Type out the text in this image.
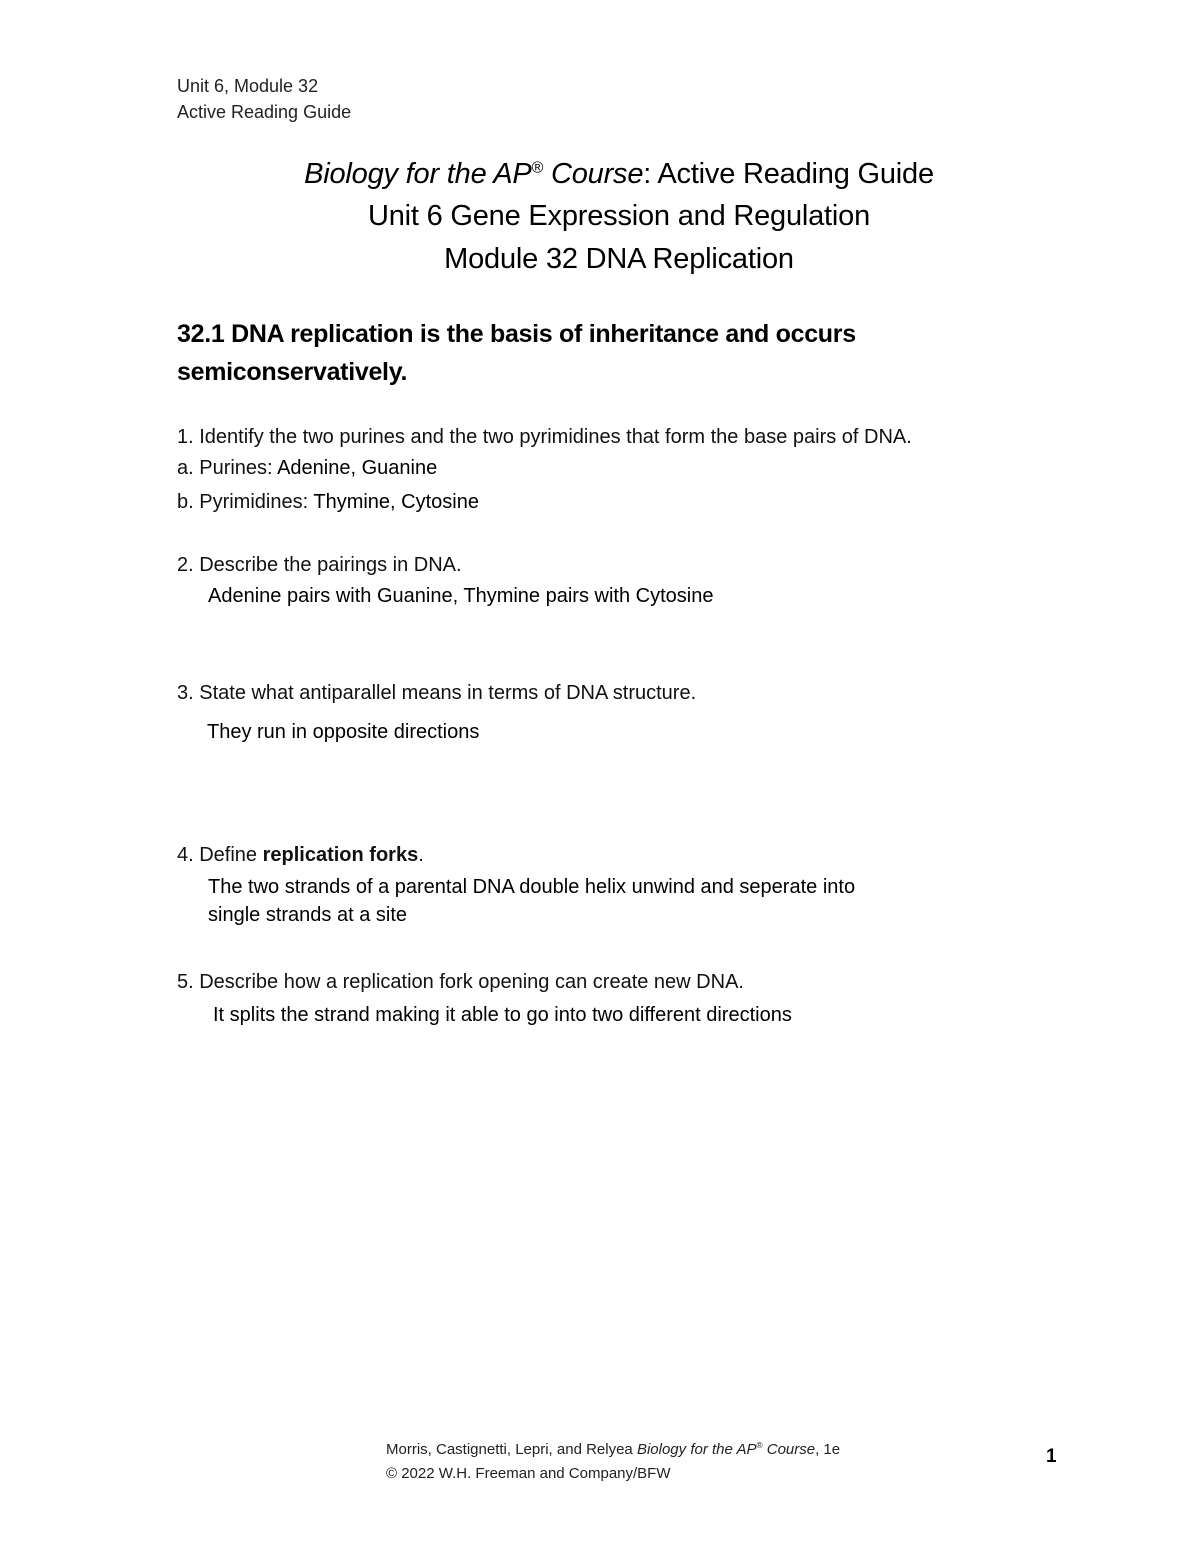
Unit 6, Module 32
Active Reading Guide
Biology for the AP® Course: Active Reading Guide
Unit 6 Gene Expression and Regulation
Module 32 DNA Replication
32.1 DNA replication is the basis of inheritance and occurs
semiconservatively.
1. Identify the two purines and the two pyrimidines that form the base pairs of DNA.
a. Purines: Adenine, Guanine
b. Pyrimidines: Thymine, Cytosine
2. Describe the pairings in DNA.
Adenine pairs with Guanine, Thymine pairs with Cytosine
3. State what antiparallel means in terms of DNA structure.
They run in opposite directions
4. Define replication forks.
The two strands of a parental DNA double helix unwind and seperate into
single strands at a site
5. Describe how a replication fork opening can create new DNA.
It splits the strand making it able to go into two different directions
Morris, Castignetti, Lepri, and Relyea Biology for the AP® Course, 1e
© 2022 W.H. Freeman and Company/BFW
1
